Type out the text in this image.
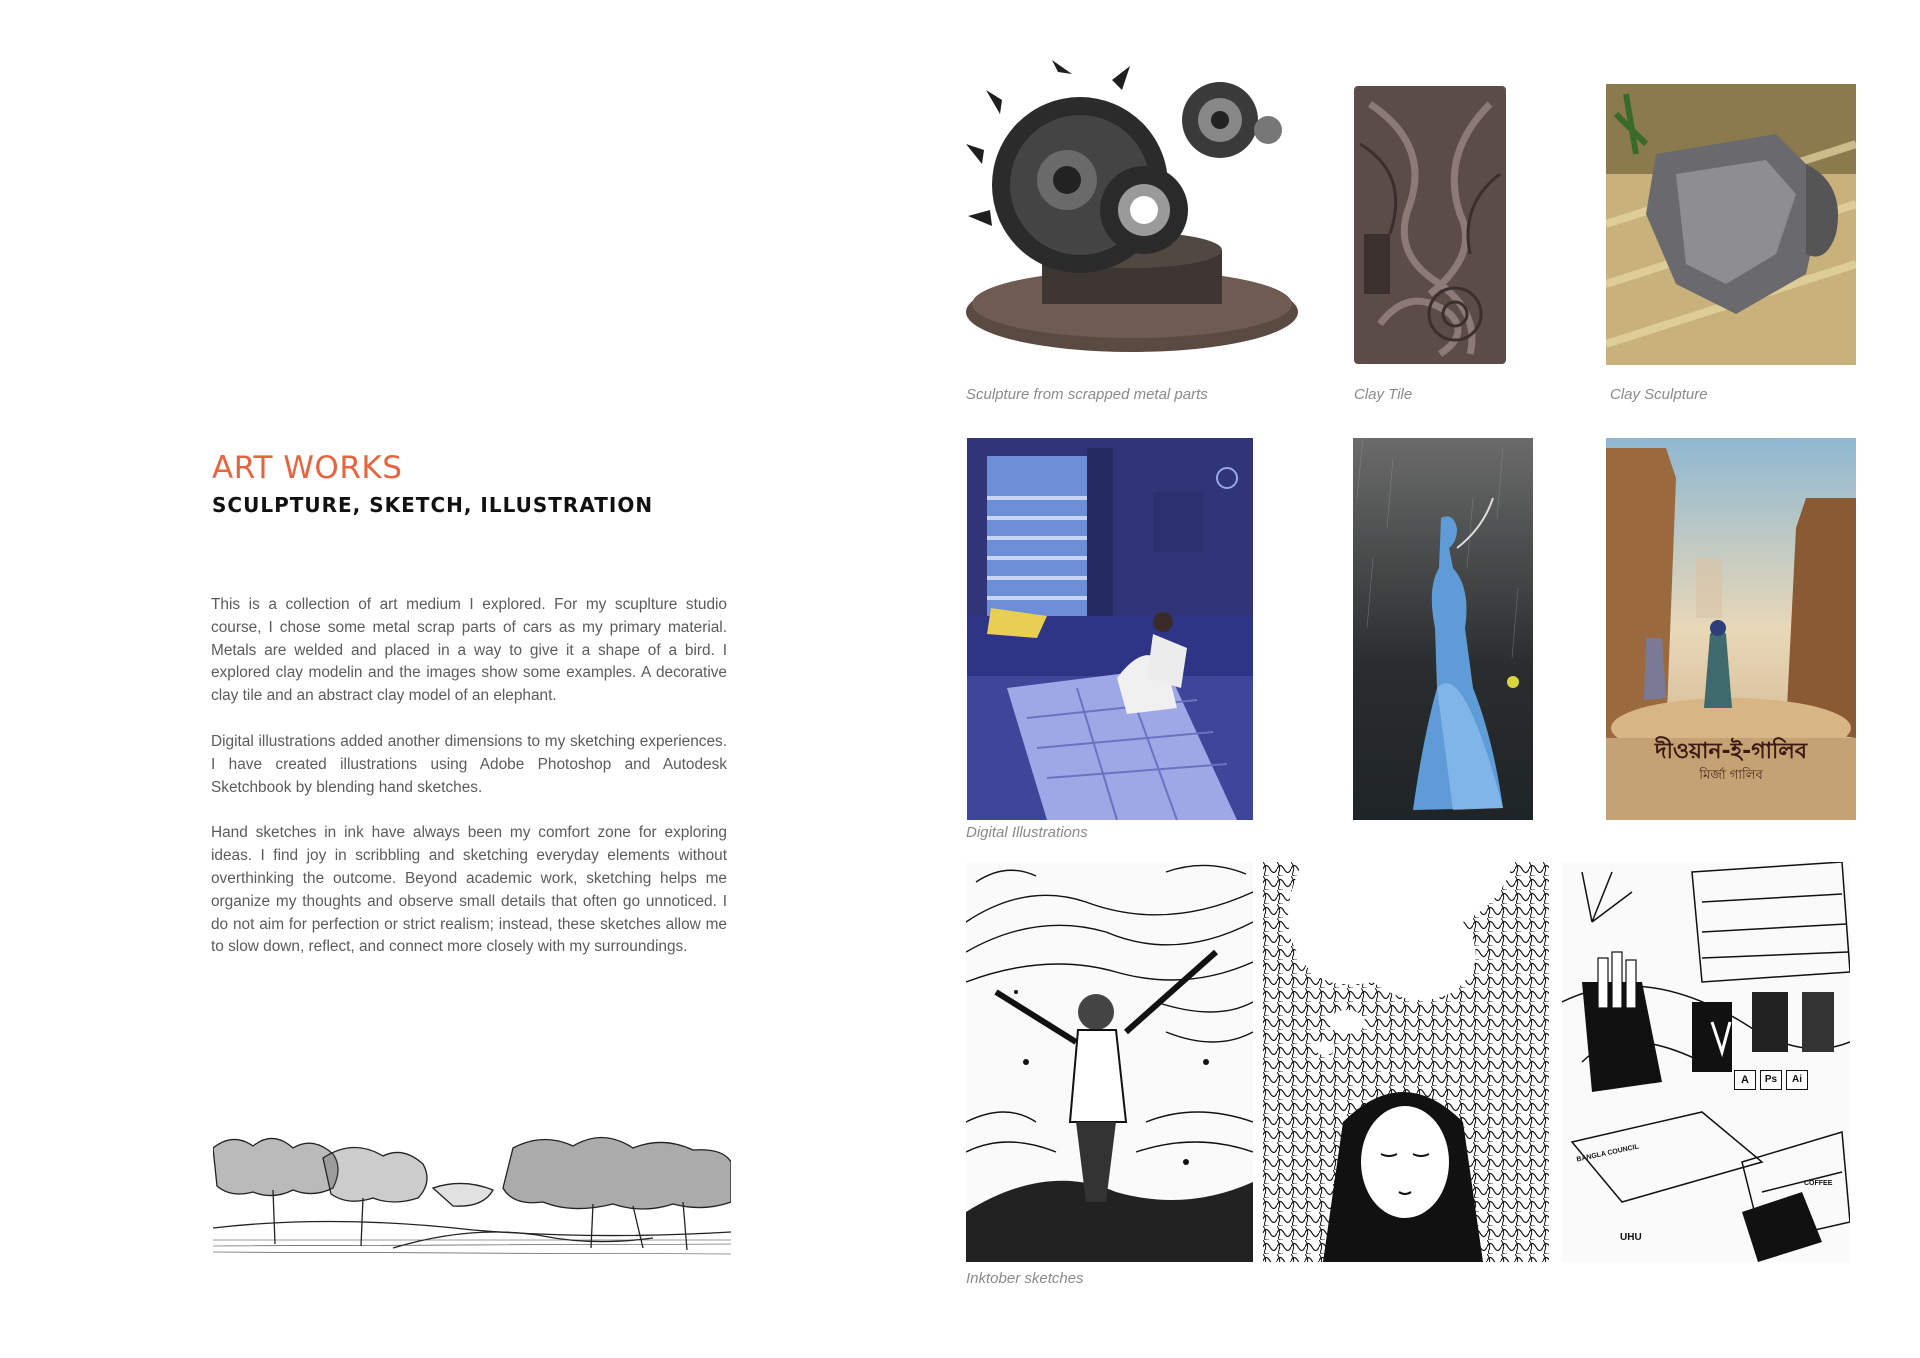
ART WORKS
SCULPTURE, SKETCH, ILLUSTRATION

This is a collection of art medium I explored. For my scuplture studio course, I chose some metal scrap parts of cars as my primary material. Metals are welded and placed in a way to give it a shape of a bird. I explored clay modelin and the images show some examples. A decorative clay tile and an abstract clay model of an elephant.

Digital illustrations added another dimensions to my sketching experiences. I have created illustrations using Adobe Photoshop and Autodesk Sketchbook by blending hand sketches.

Hand sketches in ink have always been my comfort zone for exploring ideas. I find joy in scribbling and sketching everyday elements without overthinking the outcome. Beyond academic work, sketching helps me organize my thoughts and observe small details that often go unnoticed. I do not aim for perfection or strict realism; instead, these sketches allow me to slow down, reflect, and connect more closely with my surroundings.

Sculpture from scrapped metal parts	Clay Tile	Clay Sculpture
দীওয়ান-ই-গালিব
মির্জা গালিব
Digital Illustrations
A	Ps	Ai
BANGLA COUNCIL
COFFEE
UHU
Inktober sketches
